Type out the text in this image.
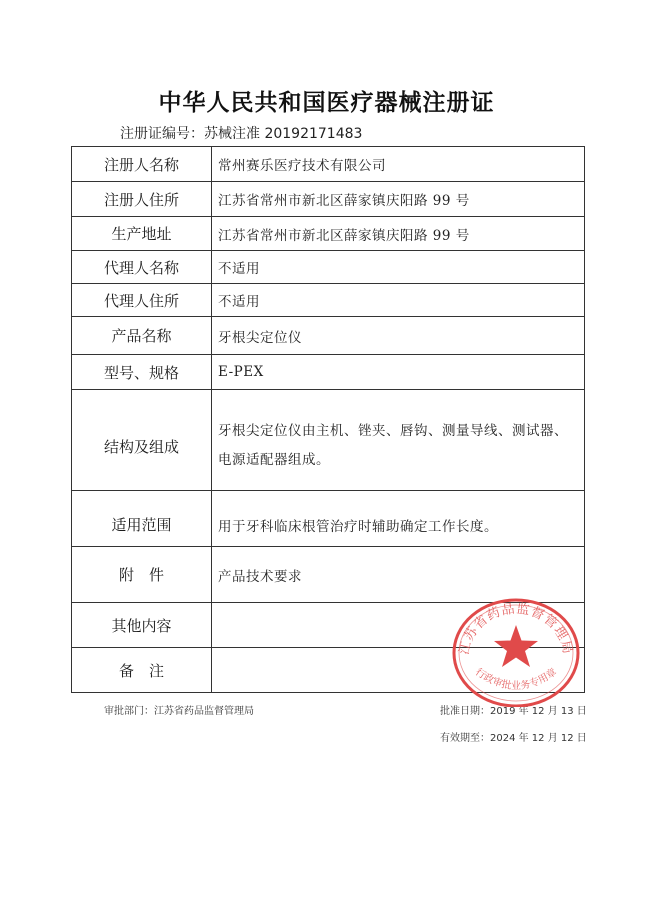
中华人民共和国医疗器械注册证
注册证编号：苏械注准 20192171483
注册人名称	常州赛乐医疗技术有限公司
注册人住所	江苏省常州市新北区薛家镇庆阳路 99 号
生产地址	江苏省常州市新北区薛家镇庆阳路 99 号
代理人名称	不适用
代理人住所	不适用
产品名称	牙根尖定位仪
型号、规格	E-PEX
结构及组成	牙根尖定位仪由主机、锉夹、唇钩、测量导线、测试器、电源适配器组成。

适用范围	用于牙科临床根管治疗时辅助确定工作长度。
附　件	产品技术要求
其他内容	
备　注	
审批部门：江苏省药品监督管理局	批准日期：2019 年 12 月 13 日
有效期至：2024 年 12 月 12 日
江苏省药品监督管理局
行政审批业务专用章
